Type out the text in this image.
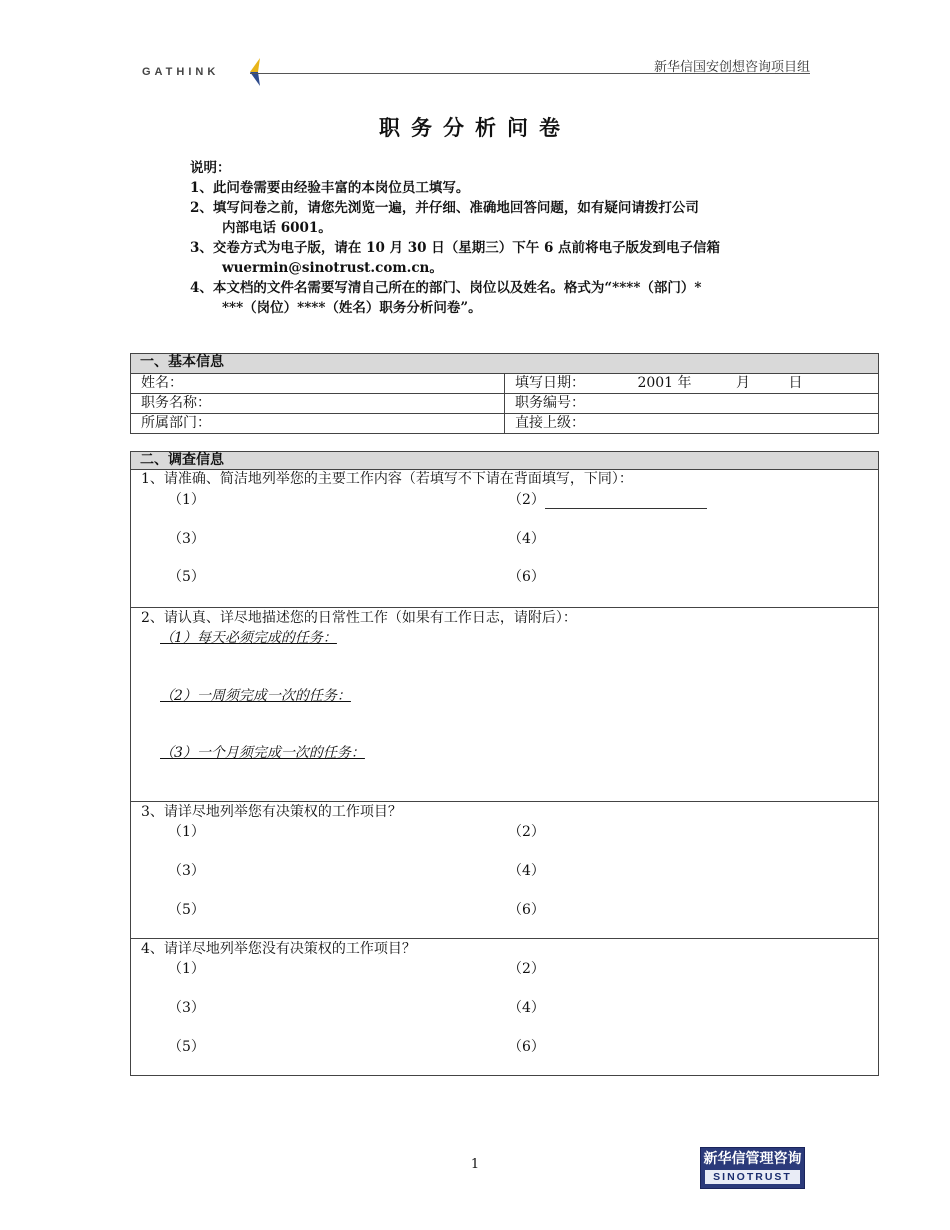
GATHINK	新华信国安创想咨询项目组
职务分析问卷
说明：
1、此问卷需要由经验丰富的本岗位员工填写。
2、填写问卷之前，请您先浏览一遍，并仔细、准确地回答问题，如有疑问请拨打公司
内部电话 6001。
3、交卷方式为电子版，请在 10 月 30 日（星期三）下午 6 点前将电子版发到电子信箱
wuermin@sinotrust.com.cn。
4、本文档的文件名需要写清自己所在的部门、岗位以及姓名。格式为“****（部门）*
***（岗位）****（姓名）职务分析问卷”。
一、基本信息	
姓名：	填写日期： 2001 年 月 日
职务名称：	职务编号：
所属部门：	直接上级：
二、调查信息

1、请准确、简洁地列举您的主要工作内容（若填写不下请在背面填写，下同）：
（1）	（2）
（3）	（4）
（5）	（6）

2、请认真、详尽地描述您的日常性工作（如果有工作日志，请附后）：
（1）每天必须完成的任务：
（2）一周须完成一次的任务：
（3）一个月须完成一次的任务：

3、请详尽地列举您有决策权的工作项目？
（1）	（2）
（3）	（4）
（5）	（6）

4、请详尽地列举您没有决策权的工作项目？
（1）	（2）
（3）	（4）
（5）	（6）
1	新华信管理咨询
SINOTRUST
